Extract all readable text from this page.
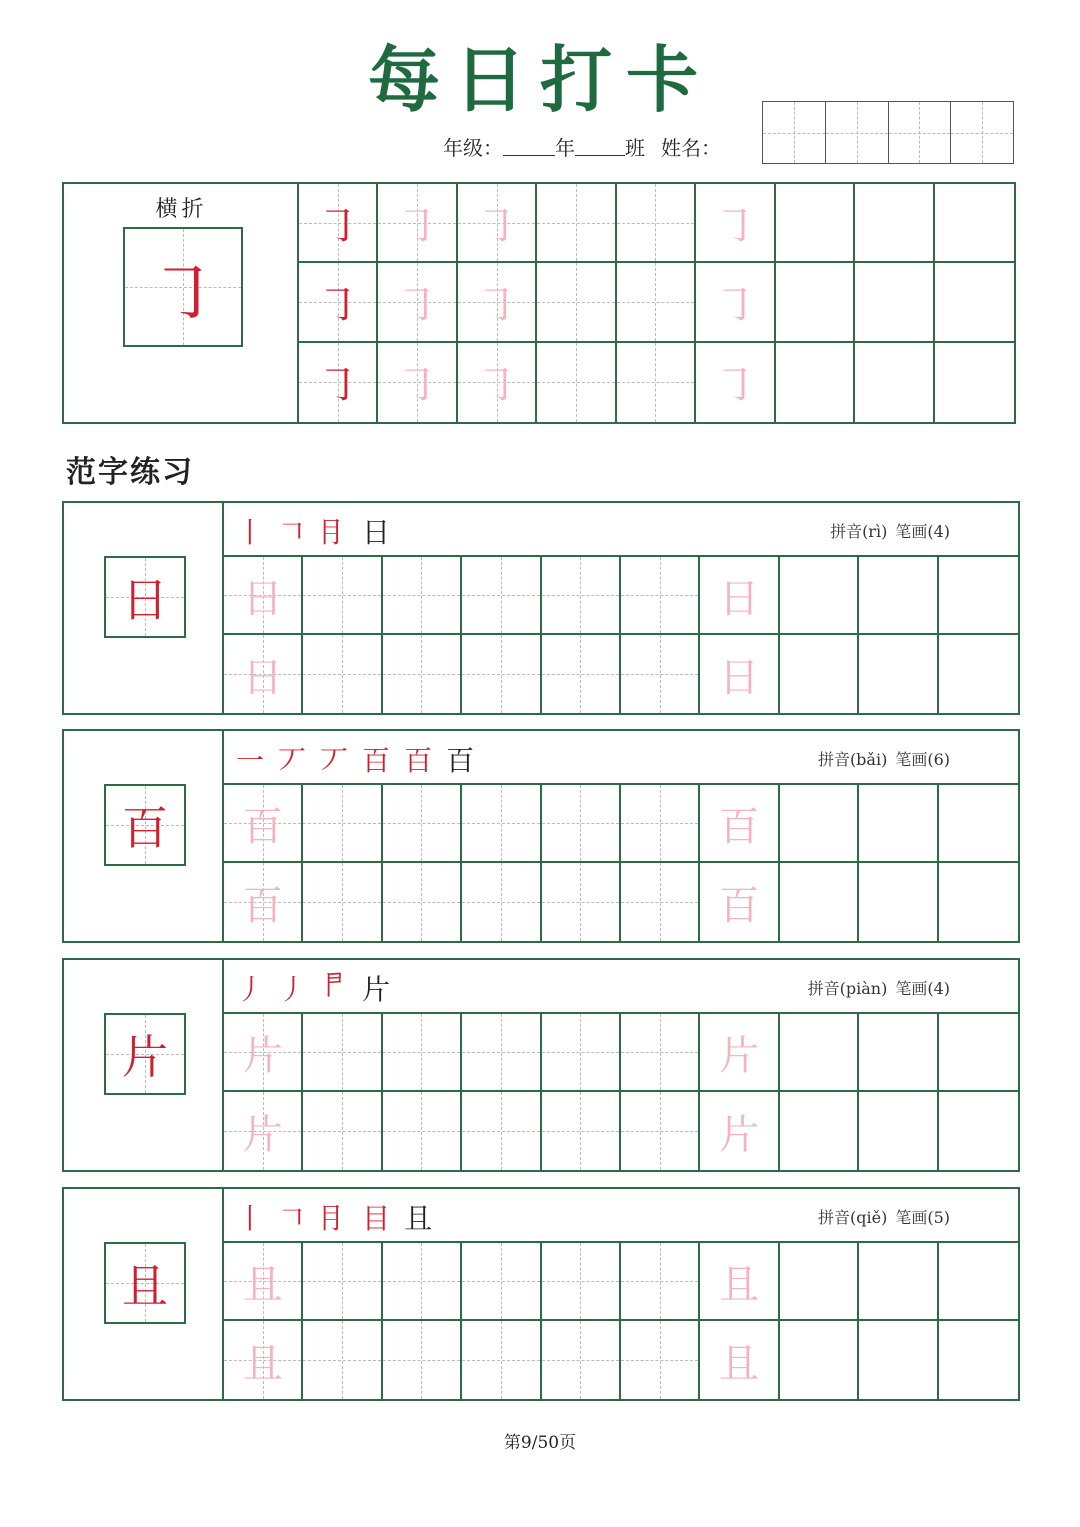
每日打卡
年级：	年	班 姓名：
横折
㇆
㇆ ㇆ ㇆	㇆
㇆ ㇆ ㇆	㇆
㇆ ㇆ ㇆	㇆
范字练习
日
丨 𠃍 ⺝ 日	拼音(rì) 笔画(4)
日	日
日	日
百
一 丆 丆 百 百 百	拼音(bǎi) 笔画(6)
百	百
百	百
片
丿 丿 𠁣 片	拼音(piàn) 笔画(4)
片	片
片	片
且
丨 𠃍 ⺝ 目 且	拼音(qiě) 笔画(5)
且	且
且	且
第9/50页
